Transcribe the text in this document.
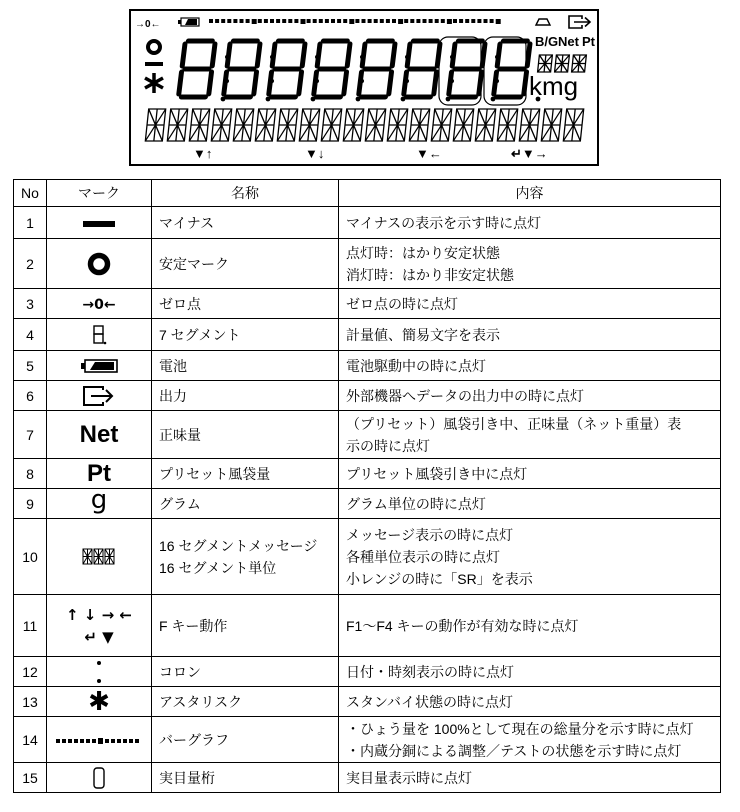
→0←
B/G Net Pt
kmg
▼↑	▼↓	▼←	↵▼→
No	マーク	名称	内容
1		マイナス	マイナスの表示を示す時に点灯

2		安定マーク	点灯時：はかり安定状態
消灯時：はかり非安定状態

3	→0←	ゼロ点	ゼロ点の時に点灯

4		7 セグメント	計量値、簡易文字を表示

5		電池	電池駆動中の時に点灯

6		出力	外部機器へデータの出力中の時に点灯

7	Net	正味量	（プリセット）風袋引き中、正味量（ネット重量）表
示の時に点灯

8	Pt	プリセット風袋量	プリセット風袋引き中に点灯

9	g	グラム	グラム単位の時に点灯

10		16 セグメントメッセージ
16 セグメント単位	メッセージ表示の時に点灯
各種単位表示の時に点灯
小レンジの時に「SR」を表示

11	↑ ↓ → ←
↵ ▼	F キー動作	F1～F4 キーの動作が有効な時に点灯

12		コロン	日付・時刻表示の時に点灯

13	✱	アスタリスク	スタンバイ状態の時に点灯

14		バーグラフ	・ひょう量を 100%として現在の総量分を示す時に点灯
・内蔵分銅による調整／テストの状態を示す時に点灯

15		実目量桁	実目量表示時に点灯
